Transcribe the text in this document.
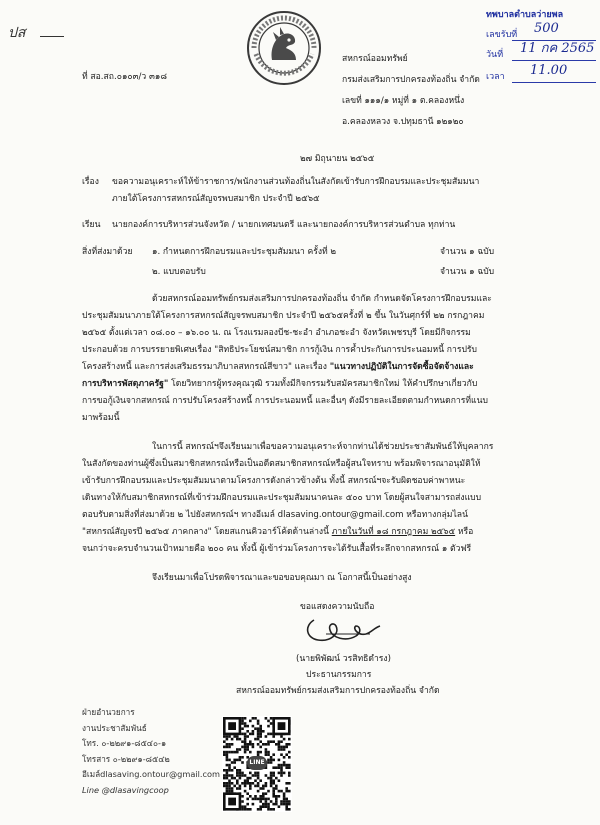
ปส
ทพบาลตำบลว่ายพล
เลขรับที่ 500
วันที่ 11 กค 2565
เวลา 11.00
ที่ สอ.สถ.๐๑๐๓/ว ๓๑๘
สหกรณ์ออมทรัพย์
กรมส่งเสริมการปกครองท้องถิ่น จำกัด
เลขที่ ๑๑๑/๑ หมู่ที่ ๑ ต.คลองหนึ่ง
อ.คลองหลวง จ.ปทุมธานี ๑๒๑๒๐
๒๗ มิถุนายน ๒๕๖๕
เรื่อง ขอความอนุเคราะห์ให้ข้าราชการ/พนักงานส่วนท้องถิ่นในสังกัดเข้ารับการฝึกอบรมและประชุมสัมมนา
ภายใต้โครงการสหกรณ์สัญจรพบสมาชิก ประจำปี ๒๕๖๕
เรียน นายกองค์การบริหารส่วนจังหวัด / นายกเทศมนตรี และนายกองค์การบริหารส่วนตำบล ทุกท่าน
สิ่งที่ส่งมาด้วย ๑. กำหนดการฝึกอบรมและประชุมสัมมนา ครั้งที่ ๒	จำนวน ๑ ฉบับ
๒. แบบตอบรับ	จำนวน ๑ ฉบับ
ด้วยสหกรณ์ออมทรัพย์กรมส่งเสริมการปกครองท้องถิ่น จำกัด กำหนดจัดโครงการฝึกอบรมและ
ประชุมสัมมนาภายใต้โครงการสหกรณ์สัญจรพบสมาชิก ประจำปี ๒๕๖๕ครั้งที่ ๒ ขึ้น ในวันศุกร์ที่ ๒๒ กรกฎาคม
๒๕๖๕ ตั้งแต่เวลา ๐๘.๐๐ – ๑๖.๐๐ น. ณ โรงแรมลองบีช-ชะอำ อำเภอชะอำ จังหวัดเพชรบุรี โดยมีกิจกรรม
ประกอบด้วย การบรรยายพิเศษเรื่อง "สิทธิประโยชน์สมาชิก การกู้เงิน การค้ำประกันการประนอมหนี้ การปรับ
โครงสร้างหนี้ และการส่งเสริมธรรมาภิบาลสหกรณ์สีขาว" และเรื่อง "แนวทางปฏิบัติในการจัดซื้อจัดจ้างและ
การบริหารพัสดุภาครัฐ" โดยวิทยากรผู้ทรงคุณวุฒิ รวมทั้งมีกิจกรรมรับสมัครสมาชิกใหม่ ให้คำปรึกษาเกี่ยวกับ
การขอกู้เงินจากสหกรณ์ การปรับโครงสร้างหนี้ การประนอมหนี้ และอื่นๆ ดังมีรายละเอียดตามกำหนดการที่แนบ
มาพร้อมนี้
ในการนี้ สหกรณ์ฯจึงเรียนมาเพื่อขอความอนุเคราะห์จากท่านได้ช่วยประชาสัมพันธ์ให้บุคลากร
ในสังกัดของท่านผู้ซึ่งเป็นสมาชิกสหกรณ์หรือเป็นอดีตสมาชิกสหกรณ์หรือผู้สนใจทราบ พร้อมพิจารณาอนุมัติให้
เข้ารับการฝึกอบรมและประชุมสัมมนาตามโครงการดังกล่าวข้างต้น ทั้งนี้ สหกรณ์ฯจะรับผิดชอบค่าพาหนะ
เดินทางให้กับสมาชิกสหกรณ์ที่เข้าร่วมฝึกอบรมและประชุมสัมมนาคนละ ๕๐๐ บาท โดยผู้สนใจสามารถส่งแบบ
ตอบรับตามสิ่งที่ส่งมาด้วย ๒ ไปยังสหกรณ์ฯ ทางอีเมล์ dlasaving.ontour@gmail.com หรือทางกลุ่มไลน์
"สหกรณ์สัญจรปี ๒๕๖๕ ภาคกลาง" โดยสแกนคิวอาร์โค้ดด้านล่างนี้ ภายในวันที่ ๑๘ กรกฎาคม ๒๕๖๕ หรือ
จนกว่าจะครบจำนวนเป้าหมายคือ ๒๐๐ คน ทั้งนี้ ผู้เข้าร่วมโครงการจะได้รับเสื้อที่ระลึกจากสหกรณ์ ๑ ตัวฟรี
จึงเรียนมาเพื่อโปรดพิจารณาและขอขอบคุณมา ณ โอกาสนี้เป็นอย่างสูง
ขอแสดงความนับถือ
(นายพิพัฒน์ วรสิทธิดำรง)
ประธานกรรมการ
สหกรณ์ออมทรัพย์กรมส่งเสริมการปกครองท้องถิ่น จำกัด
ฝ่ายอำนวยการ
งานประชาสัมพันธ์
โทร. ๐-๒๒๙๑-๘๕๔๐-๑
โทรสาร ๐-๒๒๙๑-๘๕๔๒
อีเมล์dlasaving.ontour@gmail.com
Line @dlasavingcoop
LINE
